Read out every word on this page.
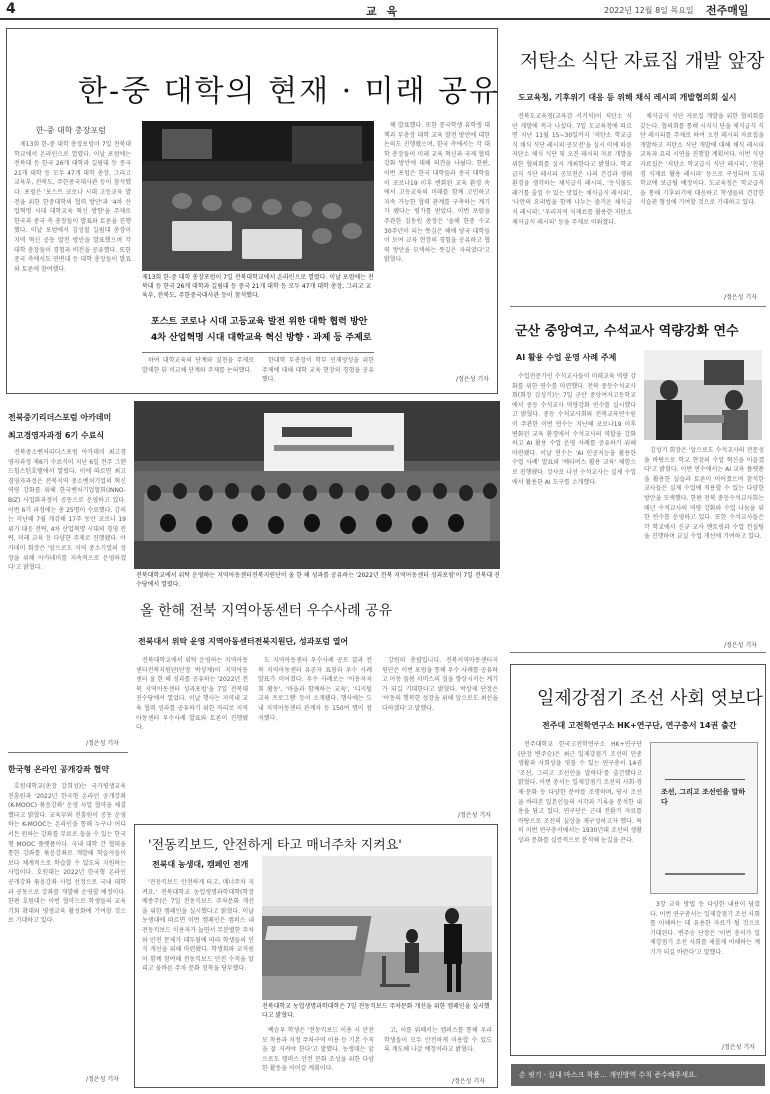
4	교 육	2022년 12월 8일 목요일 전주매일
한-중 대학의 현재 · 미래 공유
한-중 대학 총장포럼
제13회 한-중 대학 총장포럼이 7일 전북대학교에서 온라인으로 열렸다. 이날 포럼에는 전북대 등 한국 26개 대학과 길림대 등 중국 21개 대학 등 모두 47개 대학 총장, 그리고 교육부, 전북도, 주한중국대사관 등이 참석했다. 포럼은 '포스트 코로나 시대 고등교육 발전을 위한 한중대학의 협력 방안'과 '4차 산업혁명 시대 대학교육 혁신 방향'을 주제로 한국과 중국 측 총장들이 발표와 토론을 진행했다. 이날 포럼에서 김성철 길림대 총장이 지역 혁신 공동 발전 방안을 발표했으며 각 대학 총장들이 경험과 비전을 공유했다. 또한 중국 측에서도 연변대 등 대학 총장들이 발표와 토론에 참여했다.
제13회 한-중 대학 총장포럼이 7일 전북대학교에서 온라인으로 열렸다. 이날 포럼에는 전북대 등 한국 26개 대학과 길림대 등 중국 21개 대학 등 모두 47개 대학 총장, 그리고 교육부, 전북도, 주한중국대사관 등이 참석했다.
포스트 코로나 시대 고등교육 발전 위한 대학 협력 방안
4차 산업혁명 시대 대학교육 혁신 방향 · 과제 등 주제로
하여 대학교육의 단계와 실천을 주제로 발제한 뒤 비교해 단계와 주제를 논의했다.
한대학 부총장이 학부 인재양성을 위한 주제에 대해 대학 교육 현장의 경험을 공유했다.
해 발표했다. 또한 중국학생 유학생 대책과 부총장 대학 교육 발전 방안에 대한 논의도 진행됐으며, 한국 측에서는 각 대학 총장들이 미래 교육 혁신과 국제 협력 강화 방안에 대해 의견을 나눴다. 한편, 이번 포럼은 한국 대학들과 중국 대학들이 코로나19 이후 변화된 교육 환경 속에서 고등교육의 미래를 함께 고민하고 지속 가능한 협력 관계를 구축하는 계기가 됐다는 평가를 받았다. 이번 포럼을 주관한 김동원 총장은 '올해 한중 수교 30주년이 되는 뜻깊은 해에 양국 대학들이 모여 교육 현장의 경험을 공유하고 협력 방안을 모색하는 뜻깊은 자리였다'고 밝혔다.
/정은성 기자
저탄소 식단 자료집 개발 앞장
도교육청, 기후위기 대응 등 위해 채식 레시피 개발협의회 실시
전북도교육청(교육감 서거석)이 저탄소 식단 개발에 적극 나섰다. 7일 도교육청에 따르면 지난 11월 15~30일까지 '저탄소 학교급식 채식 식단 레시피 공모전'을 실시 이에 따른 저탄소 채식 식단 및 오진 레시피 자료 개발을 위한 협의회를 실시 개최한다고 밝혔다. 학교급식 식단 레시피 공모전은 나의 건강과 생태환경을 생각하는 채식급식 레시피, '등식물도레기를 줄일 수 있는 맛있는 채식급식 레시피', '나만의 요리법을 함께 나누는 즐거운 채식급식 레시피', '우리지역 식재료를 활용한 저탄소 채식급식 레시피' 등을 주제로 이뤄졌다.
채식급식 식단 자료집 개발을 위한 협의회를 갖는다. 협의회를 통해 시지식 단을 채식급식 식단 레시피를 주제로 하여 오진 레시피 자료집을 개발하고 저탄소 식단 개발에 대해 채식 레시피 교육과 요리 시연을 진행할 계획이다. 이번 식단 자료집은 '저탄소 학교급식 식단 레시피', '친환경 식재료 활용 레시피' 등으로 구성되며 도내 학교에 보급될 예정이다. 도교육청은 학교급식을 통해 기후위기에 대응하고 학생들의 건강한 식습관 형성에 기여할 것으로 기대하고 있다.
/정은성 기자
군산 중앙여고, 수석교사 역량강화 연수
AI 활용 수업 운영 사례 주제
수업전문가인 수석교사들이 미래교육 역량 강화를 위한 연수를 마련했다. 전북 중등수석교사회(회장 김성기)는 7일 군산 중앙여자고등학교에서 중등 수석교사 역량강화 연수를 실시했다고 밝혔다. 중등 수석교사회와 전북교육연수원이 주관한 이번 연수는 지난해 코로나19 이후 변화된 교육 환경에서 수석교사의 역할을 강화하고 AI 활용 수업 운영 사례를 공유하기 위해 마련됐다. 이날 연수는 'AI 인공지능을 활용한 수업 사례' 발표와 '메타버스 활용 교육' 체험으로 진행됐다. 강사로 나선 수석교사는 실제 수업에서 활용한 AI 도구를 소개했다.
김성기 회장은 '앞으로도 수석교사의 전문성을 바탕으로 학교 현장의 수업 혁신을 이끌겠다'고 밝혔다. 이번 연수에서는 AI 교육 플랫폼을 활용한 실습과 토론이 이어졌으며 참석한 교사들은 실제 수업에 적용할 수 있는 다양한 방안을 모색했다. 한편 전북 중등수석교사회는 매년 수석교사의 역량 강화와 수업 나눔을 위한 연수를 운영하고 있다. 또한 수석교사들은 각 학교에서 신규 교사 멘토링과 수업 컨설팅을 진행하며 교실 수업 개선에 기여하고 있다.
/정은성 기자
전북중기리더스포럼 아카데미
최고경영자과정 6기 수료식
전북중소벤처리더스포럼 아카데미 최고경영자과정 제6기 수료식이 지난 6일 전주 그랜드힐스턴호텔에서 열렸다. 이에 따르면 최고경영자과정은 전북지역 중소벤처기업의 혁신역량 강화를 위해 한국벤처기업협회(INNO-BIZ) 사업화과정이 공동으로 운영하고 있다. 이번 6기 과정에는 총 25명이 수료했다. 강의는 지난해 7월 개강해 17주 동안 코로나 19 위기 대응 전략, 4차 산업혁명 시대의 경영 전략, 미래 교육 등 다양한 주제로 진행됐다. 아카데미 회장은 '앞으로도 지역 중소기업의 성장을 위해 아카데미를 지속적으로 운영하겠다'고 밝혔다.
/정은성 기자
한국형 온라인 공개강좌 협약
호원대학교(총장 강희성)는 국가평생교육진흥원과 '2022년 한국형 온라인 공개강좌(K-MOOC) 묶음강좌' 운영 사업 협약을 체결했다고 밝혔다. 교육부와 진흥원이 공동 운영하는 K-MOOC는 온라인을 통해 누구나 어디서든 원하는 강좌를 무료로 들을 수 있는 한국형 MOOC 플랫폼이다. 국내 대학 간 협력을 통한 강좌를 묶음강좌로 개발해 학습자들이 보다 체계적으로 학습할 수 있도록 지원하는 사업이다. 호원대는 2022년 한국형 온라인 공개강좌 묶음강좌 사업 선정으로 국내 대학과 공동으로 강좌를 개발해 운영할 예정이다. 한편 호원대는 이번 협약으로 학생들의 교육 기회 확대와 평생교육 활성화에 기여할 것으로 기대하고 있다.
/정은성 기자
전북대학교에서 위탁 운영하는 지역아동센터전북지원단이 올 한 해 성과를 공유하는 '2022년 전북 지역아동센터 성과포럼'이 7일 전북대 진수당에서 열렸다.
올 한해 전북 지역아동센터 우수사례 공유
전북대서 위탁 운영 지역아동센터전북지원단, 성과포럼 열어
전북대학교에서 위탁 운영하는 지역아동센터전북지원단(단장 박상제)이 지역아동센터 올 한 해 성과를 공유하는 '2022년 전북 지역아동센터 성과포럼'을 7일 전북대 진수당에서 열었다. 이날 행사는 지역내 교육 협력 성과를 공유하기 위한 자리로 지역아동센터 우수사례 발표와 토론이 진행됐다.
도 지역아동센터 우수사례 공모 결과 전북 지역아동센터 유공자 표창과 우수 사례 발표가 이어졌다. 우수 사례로는 '아동자치회 활동', '마을과 함께하는 교육', '디지털 교육 프로그램' 등이 소개됐다. 행사에는 도내 지역아동센터 관계자 등 150여 명이 참석했다.
강원의 총괄입니다. 전북지역아동센터지원단은 이번 포럼을 통해 우수 사례를 공유하고 아동 돌봄 서비스의 질을 향상시키는 계기가 되길 기대한다고 밝혔다. 박상제 단장은 '아동의 행복한 성장을 위해 앞으로도 최선을 다하겠다'고 말했다.
/정은성 기자
'전동킥보드, 안전하게 타고 매너주차 지켜요'
전북대 농생대, 캠페인 전개
'전동킥보드 안전하게 타고, 매너주차 지켜요.' 전북대학교 농업생명과학대학(학장 배종주)은 7일 전동킥보드 주차문화 개선을 위한 캠페인을 실시했다고 밝혔다. 이날 농생대에 따르면 이번 캠페인은 캠퍼스 내 전동킥보드 이용자가 늘면서 무분별한 주차와 안전 문제가 대두됨에 따라 학생들의 인식 개선을 위해 마련됐다. 학생회와 교직원이 함께 참여해 전동킥보드 안전 수칙을 알리고 올바른 주차 문화 정착을 당부했다.
전북대학교 농업생명과학대학은 7일 전동킥보드 주차문화 개선을 위한 캠페인을 실시했다고 밝혔다.
백승우 학생은 '전동킥보드 이용 시 안전모 착용과 지정 주차구역 이용 등 기본 수칙을 잘 지켜야 한다'고 말했다. 농생대는 앞으로도 캠퍼스 안전 문화 조성을 위한 다양한 활동을 이어갈 계획이다.
고, 이를 위해서는 캠퍼스를 통해 우리 학생들이 모두 안전하게 이용할 수 있도록 계도해 나갈 예정이라고 밝혔다.
/정은성 기자
일제강점기 조선 사회 엿보다
전주대 고전학연구소 HK+연구단, 연구총서 14권 출간
전주대학교 한국고전학연구소 HK+연구단(단장 변주승)은 최근 일제강점기 조선의 민중 생활과 사회상을 엿볼 수 있는 연구총서 14권 '조선, 그리고 조선인을 말하다'를 출간했다고 밝혔다. 이번 총서는 일제강점기 조선의 사회·경제·문화 등 다양한 분야를 조명하며, 당시 조선을 바라본 일본인들의 시각과 기록을 분석한 내용을 담고 있다. 연구단은 근대 전환기 자료를 바탕으로 조선의 실상을 재구성하고자 했다. 특히 이번 연구총서에서는 1930년대 조선의 생활상과 문화를 실증적으로 분석해 눈길을 끈다.
조선, 그리고 조선인을 말하다
3장 교육 방법 등 다양한 내용이 담겼다. 이번 연구총서는 일제강점기 조선 사회를 이해하는 데 유용한 자료가 될 것으로 기대된다. 변주승 단장은 '이번 총서가 일제강점기 조선 사회를 새롭게 이해하는 계기가 되길 바란다'고 말했다.
/정은성 기자
손 씻기 · 실내 마스크 착용… 개인방역 수칙 준수해주세요.
